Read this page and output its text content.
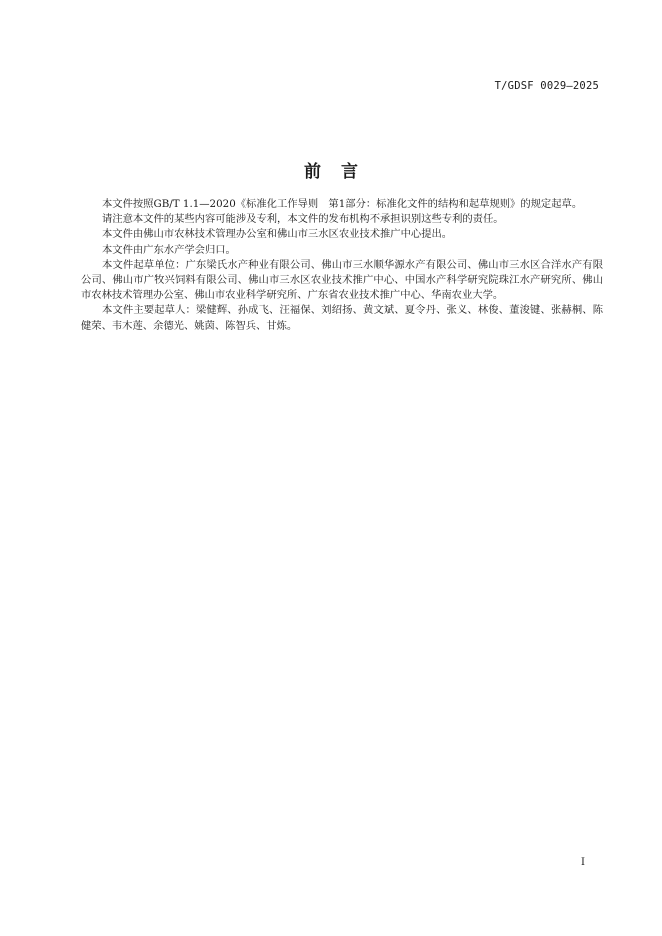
T/GDSF 0029—2025
前言

本文件按照GB/T 1.1—2020《标准化工作导则　第1部分：标准化文件的结构和起草规则》的规定起草。

请注意本文件的某些内容可能涉及专利，本文件的发布机构不承担识别这些专利的责任。

本文件由佛山市农林技术管理办公室和佛山市三水区农业技术推广中心提出。

本文件由广东水产学会归口。

本文件起草单位：广东梁氏水产种业有限公司、佛山市三水顺华源水产有限公司、佛山市三水区合洋水产有限公司、佛山市广牧兴饲料有限公司、佛山市三水区农业技术推广中心、中国水产科学研究院珠江水产研究所、佛山市农林技术管理办公室、佛山市农业科学研究所、广东省农业技术推广中心、华南农业大学。

本文件主要起草人：梁健辉、孙成飞、汪福保、刘绍扬、黄文斌、夏令丹、张义、林俊、董浚键、张赫桐、陈健荣、韦木莲、余德光、姚茵、陈智兵、甘炼。

I
